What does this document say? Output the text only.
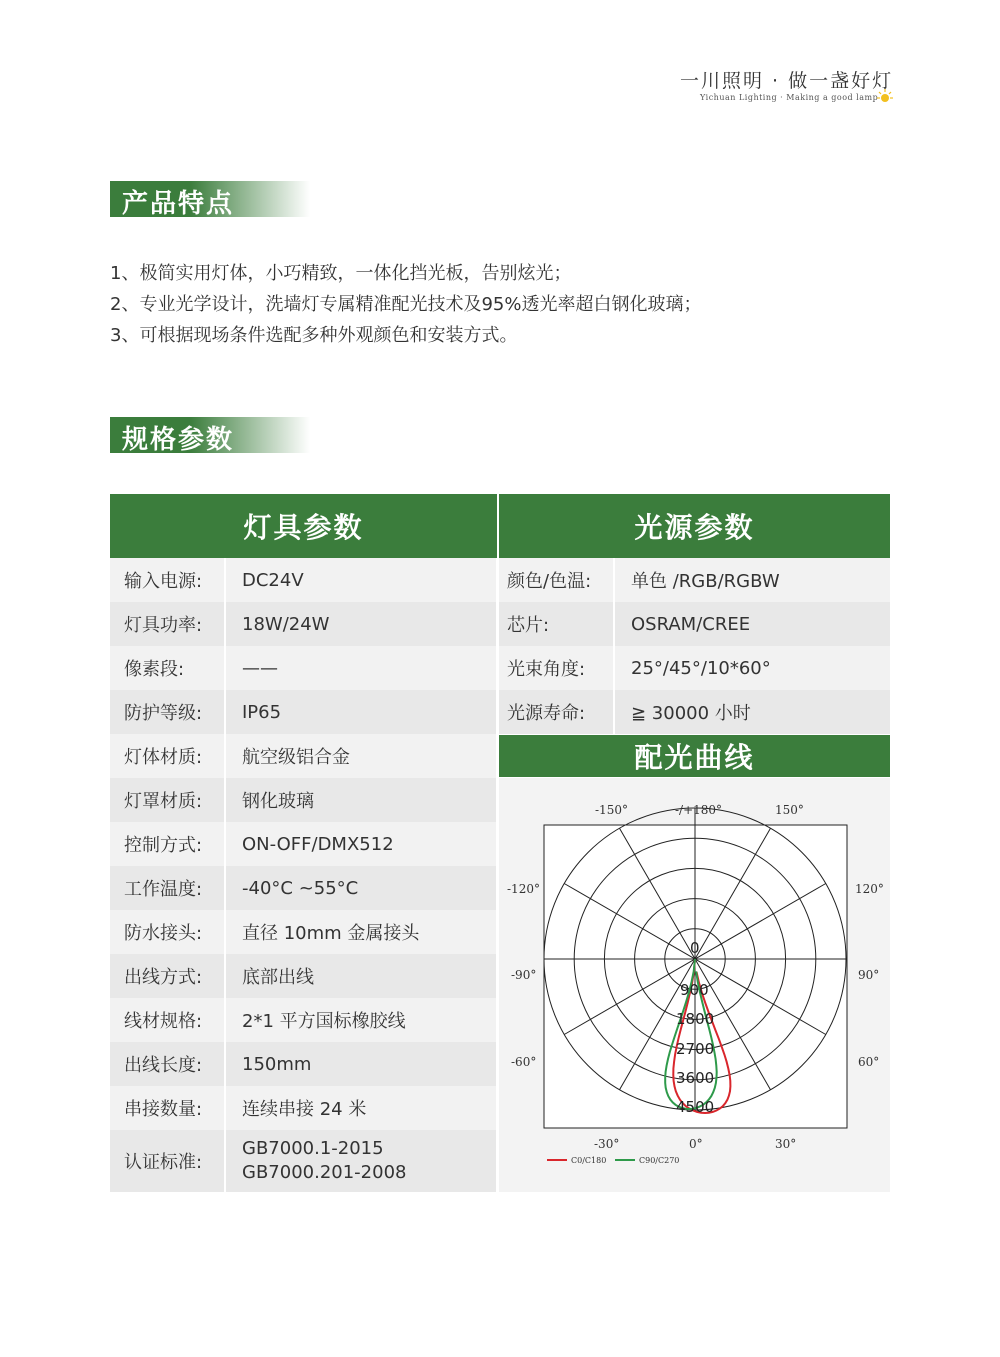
一川照明 · 做一盏好灯
Yichuan Lighting · Making a good lamp
产品特点
1、极简实用灯体，小巧精致，一体化挡光板，告别炫光；
2、专业光学设计，洗墙灯专属精准配光技术及95%透光率超白钢化玻璃；
3、可根据现场条件选配多种外观颜色和安装方式。
规格参数
灯具参数	光源参数
输入电源:	DC24V
灯具功率:	18W/24W
像素段:	——
防护等级:	IP65
灯体材质:	航空级铝合金
灯罩材质:	钢化玻璃
控制方式:	ON-OFF/DMX512
工作温度:	-40°C ~55°C
防水接头:	直径 10mm 金属接头
出线方式:	底部出线
线材规格:	2*1 平方国标橡胶线
出线长度:	150mm
串接数量:	连续串接 24 米
认证标准:
GB7000.1-2015
GB7000.201-2008
颜色/色温:	单色 /RGB/RGBW
芯片:	OSRAM/CREE
光束角度:	25°/45°/10*60°
光源寿命:	≧ 30000 小时
配光曲线
-150°	-/+180°	150°
-120°	120°
-90°	90°
-60°	60°
-30°	0°	30°
0
900
1800
2700
3600
4500
C0/C180	C90/C270
